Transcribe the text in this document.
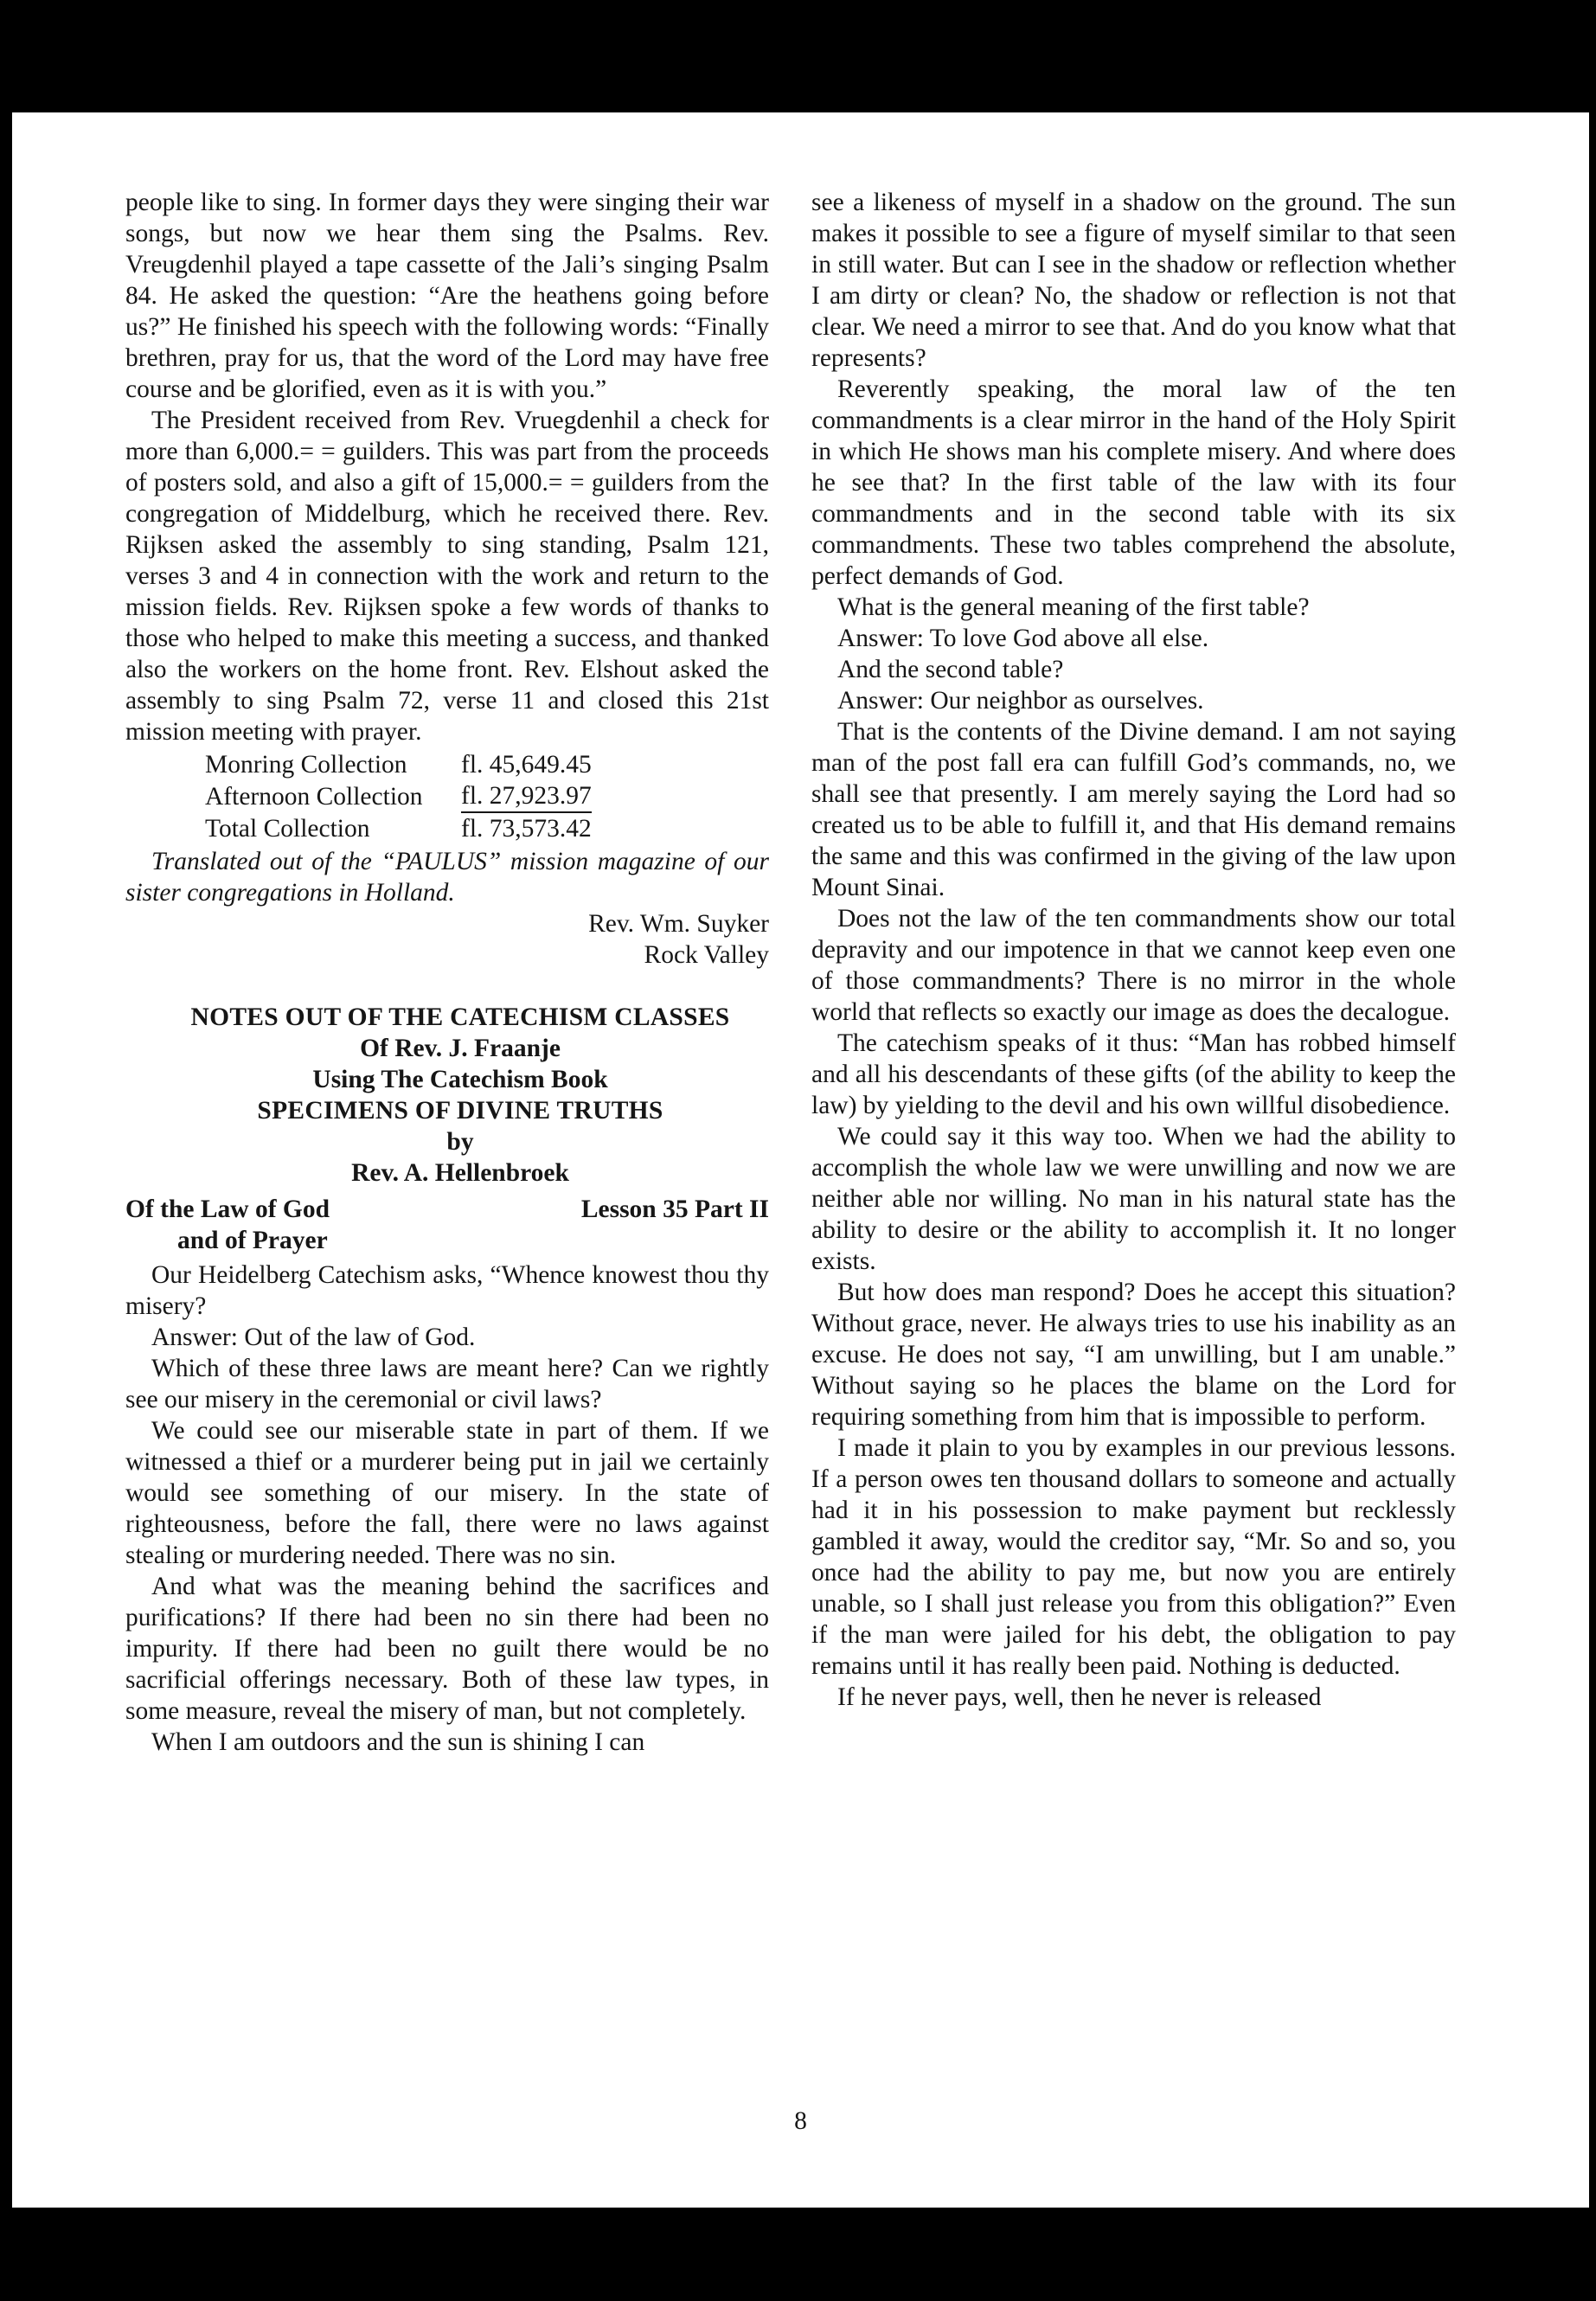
people like to sing. In former days they were singing their war songs, but now we hear them sing the Psalms. Rev. Vreugdenhil played a tape cassette of the Jali’s singing Psalm 84. He asked the question: “Are the heathens going before us?” He finished his speech with the following words: “Finally brethren, pray for us, that the word of the Lord may have free course and be glorified, even as it is with you.”

The President received from Rev. Vruegdenhil a check for more than 6,000.= = guilders. This was part from the proceeds of posters sold, and also a gift of 15,000.= = guilders from the congregation of Middelburg, which he received there. Rev. Rijksen asked the assembly to sing standing, Psalm 121, verses 3 and 4 in connection with the work and return to the mission fields. Rev. Rijksen spoke a few words of thanks to those who helped to make this meeting a success, and thanked also the workers on the home front. Rev. Elshout asked the assembly to sing Psalm 72, verse 11 and closed this 21st mission meeting with prayer.

Monring Collection	fl. 45,649.45
Afternoon Collection	fl. 27,923.97
Total Collection	fl. 73,573.42

Translated out of the “PAULUS” mission magazine of our sister congregations in Holland.

Rev. Wm. Suyker

Rock Valley

NOTES OUT OF THE CATECHISM CLASSES

Of Rev. J. Fraanje

Using The Catechism Book

SPECIMENS OF DIVINE TRUTHS

by

Rev. A. Hellenbroek

Of the Law of God	Lesson 35 Part II

and of Prayer

Our Heidelberg Catechism asks, “Whence knowest thou thy misery?

Answer: Out of the law of God.

Which of these three laws are meant here? Can we rightly see our misery in the ceremonial or civil laws?

We could see our miserable state in part of them. If we witnessed a thief or a murderer being put in jail we certainly would see something of our misery. In the state of righteousness, before the fall, there were no laws against stealing or murdering needed. There was no sin.

And what was the meaning behind the sacrifices and purifications? If there had been no sin there had been no impurity. If there had been no guilt there would be no sacrificial offerings necessary. Both of these law types, in some measure, reveal the misery of man, but not completely.

When I am outdoors and the sun is shining I can

see a likeness of myself in a shadow on the ground. The sun makes it possible to see a figure of myself similar to that seen in still water. But can I see in the shadow or reflection whether I am dirty or clean? No, the shadow or reflection is not that clear. We need a mirror to see that. And do you know what that represents?

Reverently speaking, the moral law of the ten commandments is a clear mirror in the hand of the Holy Spirit in which He shows man his complete misery. And where does he see that? In the first table of the law with its four commandments and in the second table with its six commandments. These two tables comprehend the absolute, perfect demands of God.

What is the general meaning of the first table?

Answer: To love God above all else.

And the second table?

Answer: Our neighbor as ourselves.

That is the contents of the Divine demand. I am not saying man of the post fall era can fulfill God’s commands, no, we shall see that presently. I am merely saying the Lord had so created us to be able to fulfill it, and that His demand remains the same and this was confirmed in the giving of the law upon Mount Sinai.

Does not the law of the ten commandments show our total depravity and our impotence in that we cannot keep even one of those commandments? There is no mirror in the whole world that reflects so exactly our image as does the decalogue.

The catechism speaks of it thus: “Man has robbed himself and all his descendants of these gifts (of the ability to keep the law) by yielding to the devil and his own willful disobedience.

We could say it this way too. When we had the ability to accomplish the whole law we were unwilling and now we are neither able nor willing. No man in his natural state has the ability to desire or the ability to accomplish it. It no longer exists.

But how does man respond? Does he accept this situation? Without grace, never. He always tries to use his inability as an excuse. He does not say, “I am unwilling, but I am unable.” Without saying so he places the blame on the Lord for requiring something from him that is impossible to perform.

I made it plain to you by examples in our previous lessons. If a person owes ten thousand dollars to someone and actually had it in his possession to make payment but recklessly gambled it away, would the creditor say, “Mr. So and so, you once had the ability to pay me, but now you are entirely unable, so I shall just release you from this obligation?” Even if the man were jailed for his debt, the obligation to pay remains until it has really been paid. Nothing is deducted.

If he never pays, well, then he never is released

8
